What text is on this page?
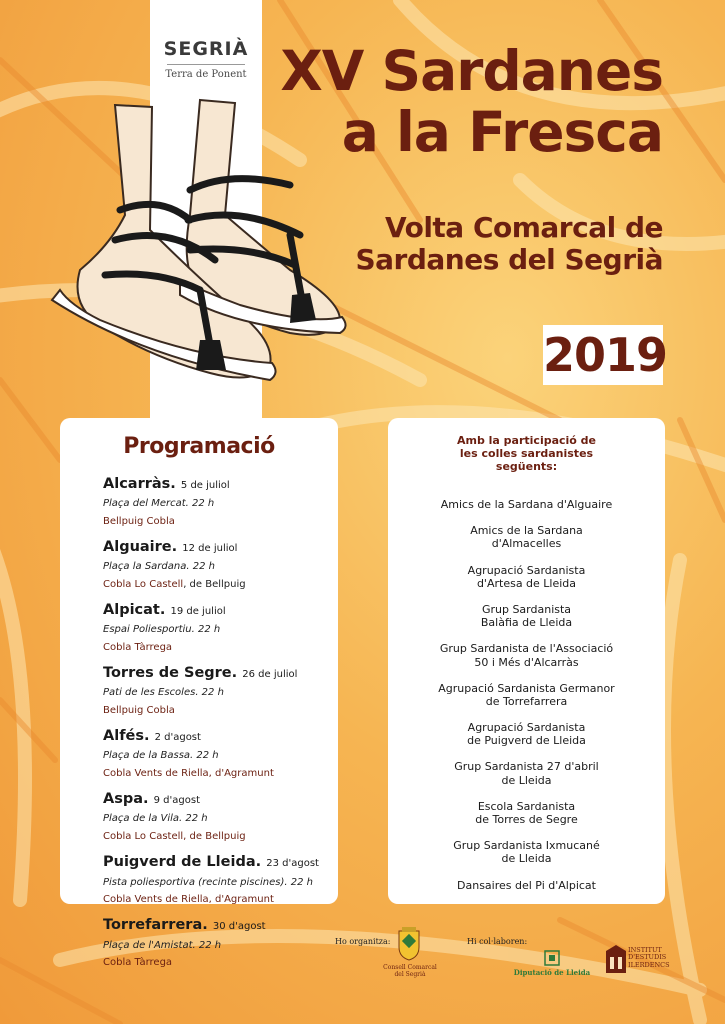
SEGRIÀ
Terra de Ponent XV Sardanes
a la Fresca
Volta Comarcal de
Sardanes del Segrià
2019
Programació
Alcarràs. 5 de juliol
Plaça del Mercat. 22 h
Bellpuig Cobla
Alguaire. 12 de juliol
Plaça la Sardana. 22 h
Cobla Lo Castell, de Bellpuig
Alpicat. 19 de juliol
Espai Poliesportiu. 22 h
Cobla Tàrrega
Torres de Segre. 26 de juliol
Pati de les Escoles. 22 h
Bellpuig Cobla
Alfés. 2 d'agost
Plaça de la Bassa. 22 h
Cobla Vents de Riella, d'Agramunt
Aspa. 9 d'agost
Plaça de la Vila. 22 h
Cobla Lo Castell, de Bellpuig
Puigverd de Lleida. 23 d'agost
Pista poliesportiva (recinte piscines). 22 h
Cobla Vents de Riella, d'Agramunt
Torrefarrera. 30 d'agost
Plaça de l'Amistat. 22 h
Cobla Tàrrega
Amb la participació de
les colles sardanistes
següents:
Amics de la Sardana d'Alguaire
Amics de la Sardana
d'Almacelles
Agrupació Sardanista
d'Artesa de Lleida
Grup Sardanista
Balàfia de Lleida
Grup Sardanista de l'Associació
50 i Més d'Alcarràs
Agrupació Sardanista Germanor
de Torrefarrera
Agrupació Sardanista
de Puigverd de Lleida
Grup Sardanista 27 d'abril
de Lleida
Escola Sardanista
de Torres de Segre
Grup Sardanista Ixmucané
de Lleida
Dansaires del Pi d'Alpicat
Ho organitza:
Consell Comarcal
del Segrià
Hi col·laboren:
Diputació de Lleida
INSTITUT
D'ESTUDIS
ILERDENCS
